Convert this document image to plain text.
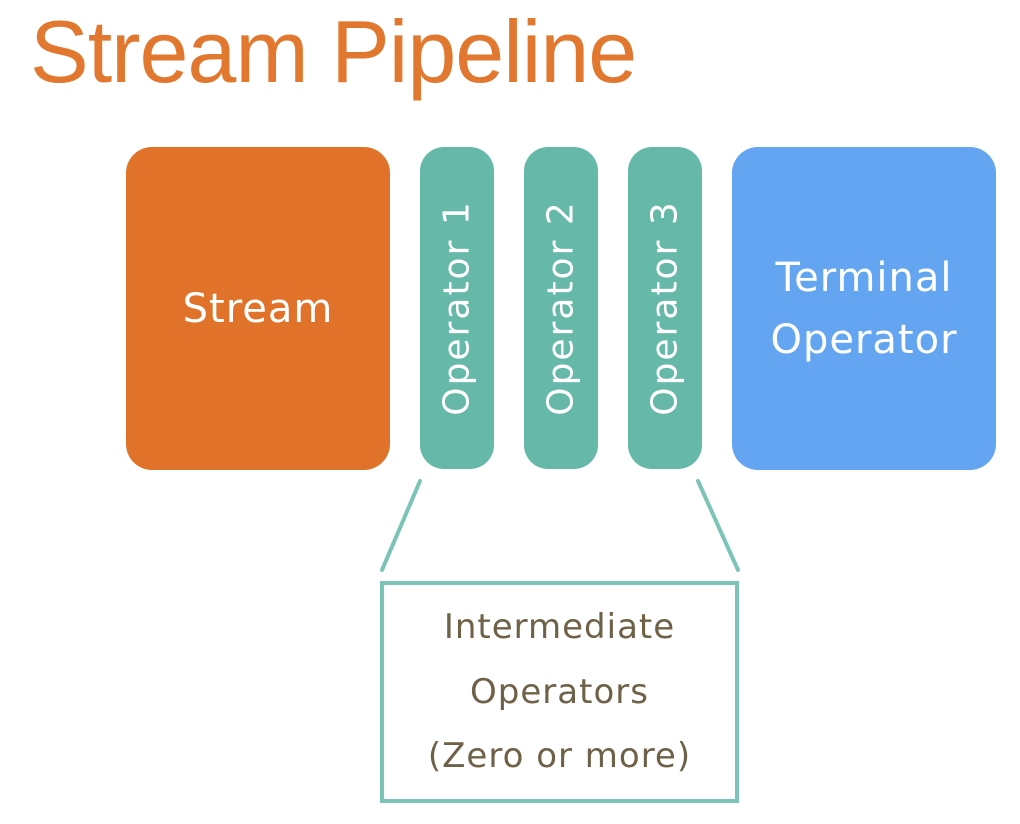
Stream Pipeline
Stream	Operator 1 Operator 2 Operator 3 Terminal
Operator
Intermediate
Operators
(Zero or more)
